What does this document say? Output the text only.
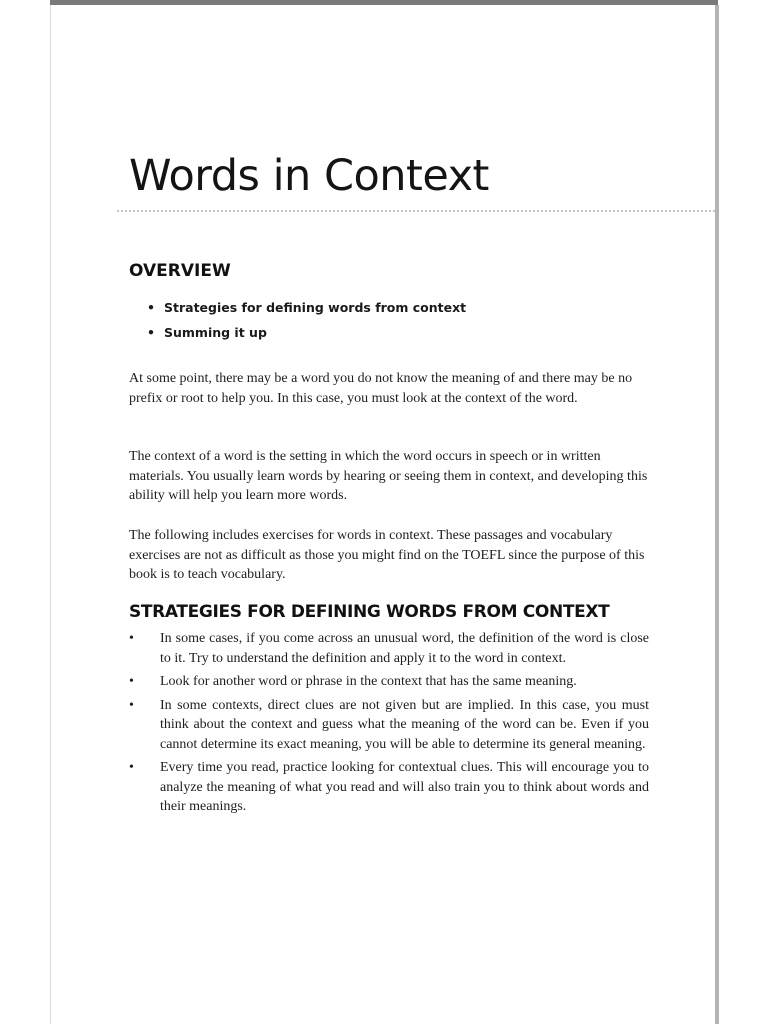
Words in Context
OVERVIEW
• Strategies for defining words from context
• Summing it up

At some point, there may be a word you do not know the meaning of and there may be no prefix or root to help you. In this case, you must look at the context of the word.

The context of a word is the setting in which the word occurs in speech or in written materials. You usually learn words by hearing or seeing them in context, and developing this ability will help you learn more words.

The following includes exercises for words in context. These passages and vocabulary exercises are not as difficult as those you might find on the TOEFL since the purpose of this book is to teach vocabulary.

STRATEGIES FOR DEFINING WORDS FROM CONTEXT
• In some cases, if you come across an unusual word, the definition of the word is close to it. Try to understand the definition and apply it to the word in context.
• Look for another word or phrase in the context that has the same meaning.
• In some contexts, direct clues are not given but are implied. In this case, you must think about the context and guess what the meaning of the word can be. Even if you cannot determine its exact meaning, you will be able to determine its general meaning.
• Every time you read, practice looking for contextual clues. This will encourage you to analyze the meaning of what you read and will also train you to think about words and their meanings.
